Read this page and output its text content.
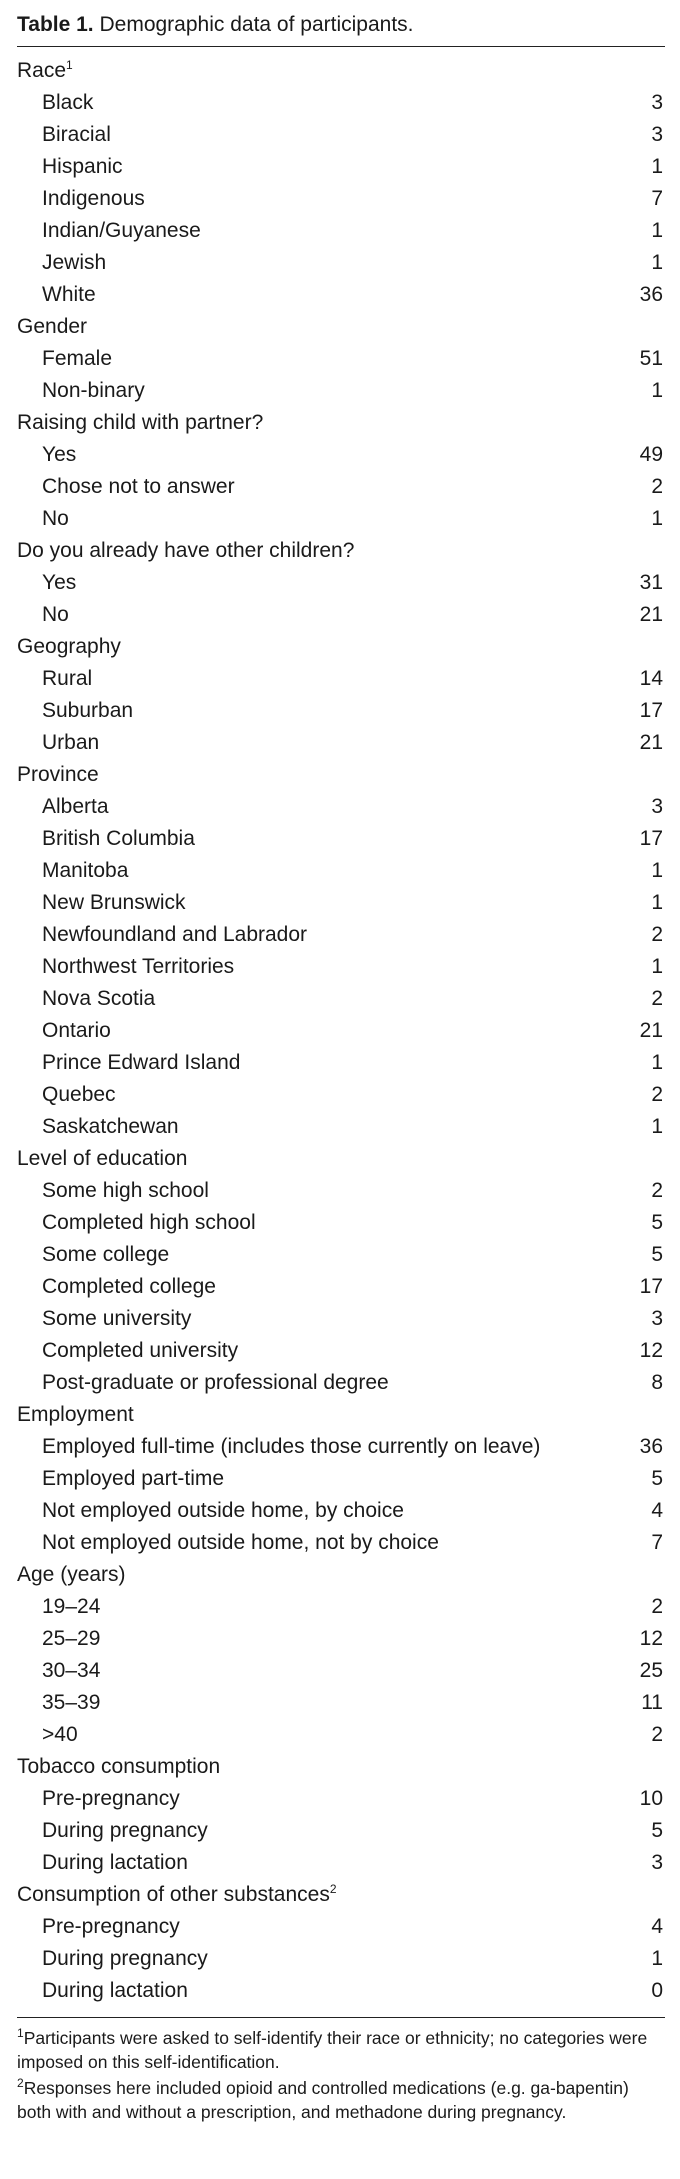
Table 1. Demographic data of participants.
Race$^1$
Black	3
Biracial	3
Hispanic	1
Indigenous	7
Indian/Guyanese	1
Jewish	1
White	36
Gender
Female	51
Non-binary	1
Raising child with partner?
Yes	49
Chose not to answer	2
No	1
Do you already have other children?
Yes	31
No	21
Geography
Rural	14
Suburban	17
Urban	21
Province
Alberta	3
British Columbia	17
Manitoba	1
New Brunswick	1
Newfoundland and Labrador	2
Northwest Territories	1
Nova Scotia	2
Ontario	21
Prince Edward Island	1
Quebec	2
Saskatchewan	1
Level of education
Some high school	2
Completed high school	5
Some college	5
Completed college	17
Some university	3
Completed university	12
Post-graduate or professional degree	8
Employment
Employed full-time (includes those currently on leave)	36
Employed part-time	5
Not employed outside home, by choice	4
Not employed outside home, not by choice	7
Age (years)
19–24	2
25–29	12
30–34	25
35–39	11
>40	2
Tobacco consumption
Pre-pregnancy	10
During pregnancy	5
During lactation	3
Consumption of other substances$^2$
Pre-pregnancy	4
During pregnancy	1
During lactation	0

$^1$Participants were asked to self-identify their race or ethnicity; no categories were imposed on this self-identification.

$^2$Responses here included opioid and controlled medications (e.g. ga-bapentin) both with and without a prescription, and methadone during pregnancy.
